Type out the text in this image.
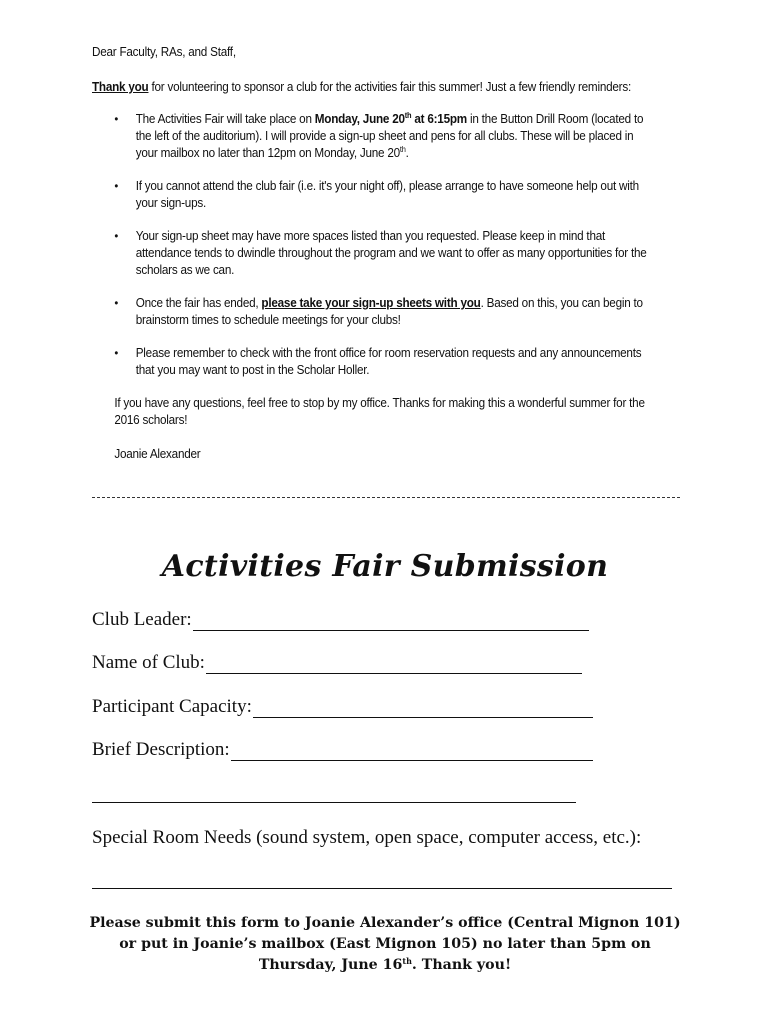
Dear Faculty, RAs, and Staff,

Thank you for volunteering to sponsor a club for the activities fair this summer! Just a few friendly reminders:

• The Activities Fair will take place on Monday, June 20th at 6:15pm in the Button Drill Room (located to the left of the auditorium). I will provide a sign-up sheet and pens for all clubs. These will be placed in your mailbox no later than 12pm on Monday, June 20th.
• If you cannot attend the club fair (i.e. it's your night off), please arrange to have someone help out with your sign-ups.
• Your sign-up sheet may have more spaces listed than you requested. Please keep in mind that attendance tends to dwindle throughout the program and we want to offer as many opportunities for the scholars as we can.
• Once the fair has ended, please take your sign-up sheets with you. Based on this, you can begin to brainstorm times to schedule meetings for your clubs!
• Please remember to check with the front office for room reservation requests and any announcements that you may want to post in the Scholar Holler.

If you have any questions, feel free to stop by my office. Thanks for making this a wonderful summer for the 2016 scholars!

Joanie Alexander

Activities Fair Submission
Club Leader:
Name of Club:
Participant Capacity:
Brief Description:
Special Room Needs (sound system, open space, computer access, etc.):

Please submit this form to Joanie Alexander’s office (Central Mignon 101)

or put in Joanie’s mailbox (East Mignon 105) no later than 5pm on

Thursday, June 16th. Thank you!
